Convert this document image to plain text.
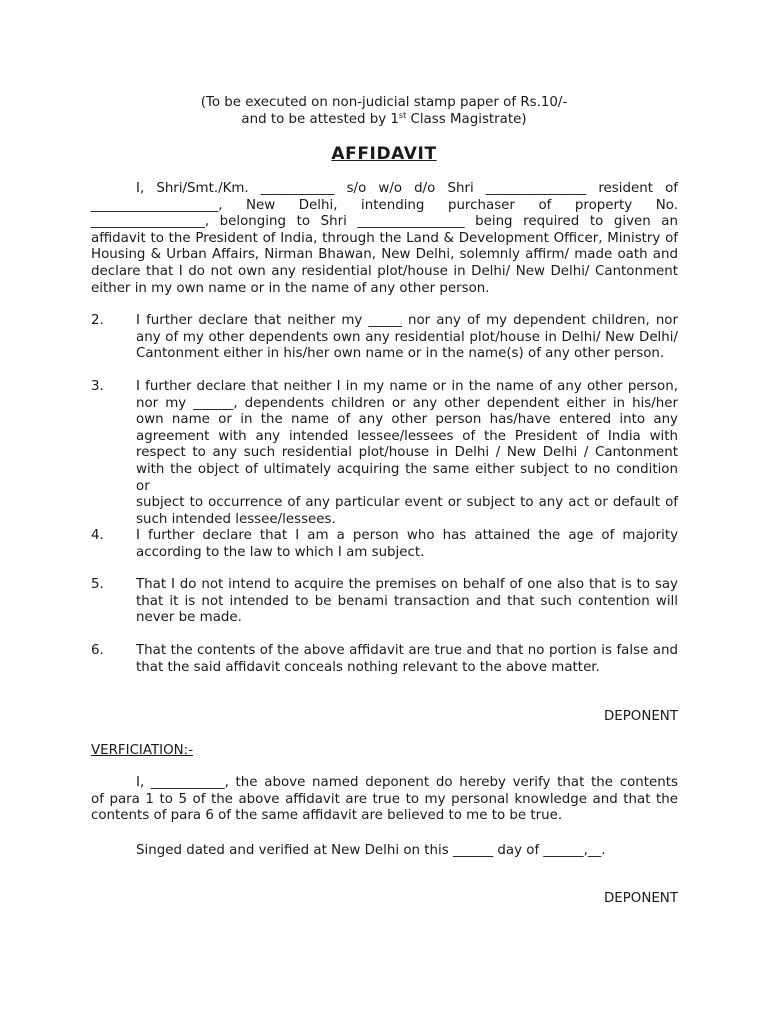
(To be executed on non-judicial stamp paper of Rs.10/-
and to be attested by 1st Class Magistrate)
AFFIDAVIT
I, Shri/Smt./Km. ___________ s/o w/o d/o Shri _______________ resident of
___________________, New Delhi, intending purchaser of property No.
_________________, belonging to Shri ________________ being required to given an
affidavit to the President of India, through the Land & Development Officer, Ministry of
Housing & Urban Affairs, Nirman Bhawan, New Delhi, solemnly affirm/ made oath and
declare that I do not own any residential plot/house in Delhi/ New Delhi/ Cantonment
either in my own name or in the name of any other person.
2.	I further declare that neither my _____ nor any of my dependent children, nor
any of my other dependents own any residential plot/house in Delhi/ New Delhi/
Cantonment either in his/her own name or in the name(s) of any other person.
3.	I further declare that neither I in my name or in the name of any other person,
nor my ______, dependents children or any other dependent either in his/her
own name or in the name of any other person has/have entered into any
agreement with any intended lessee/lessees of the President of India with
respect to any such residential plot/house in Delhi / New Delhi / Cantonment
with the object of ultimately acquiring the same either subject to no condition or
subject to occurrence of any particular event or subject to any act or default of
such intended lessee/lessees.
4.	I further declare that I am a person who has attained the age of majority
according to the law to which I am subject.
5.	That I do not intend to acquire the premises on behalf of one also that is to say
that it is not intended to be benami transaction and that such contention will
never be made.
6.	That the contents of the above affidavit are true and that no portion is false and
that the said affidavit conceals nothing relevant to the above matter.
DEPONENT
VERFICIATION:-
I, ___________, the above named deponent do hereby verify that the contents
of para 1 to 5 of the above affidavit are true to my personal knowledge and that the
contents of para 6 of the same affidavit are believed to me to be true.
Singed dated and verified at New Delhi on this ______ day of ______,__.
DEPONENT
